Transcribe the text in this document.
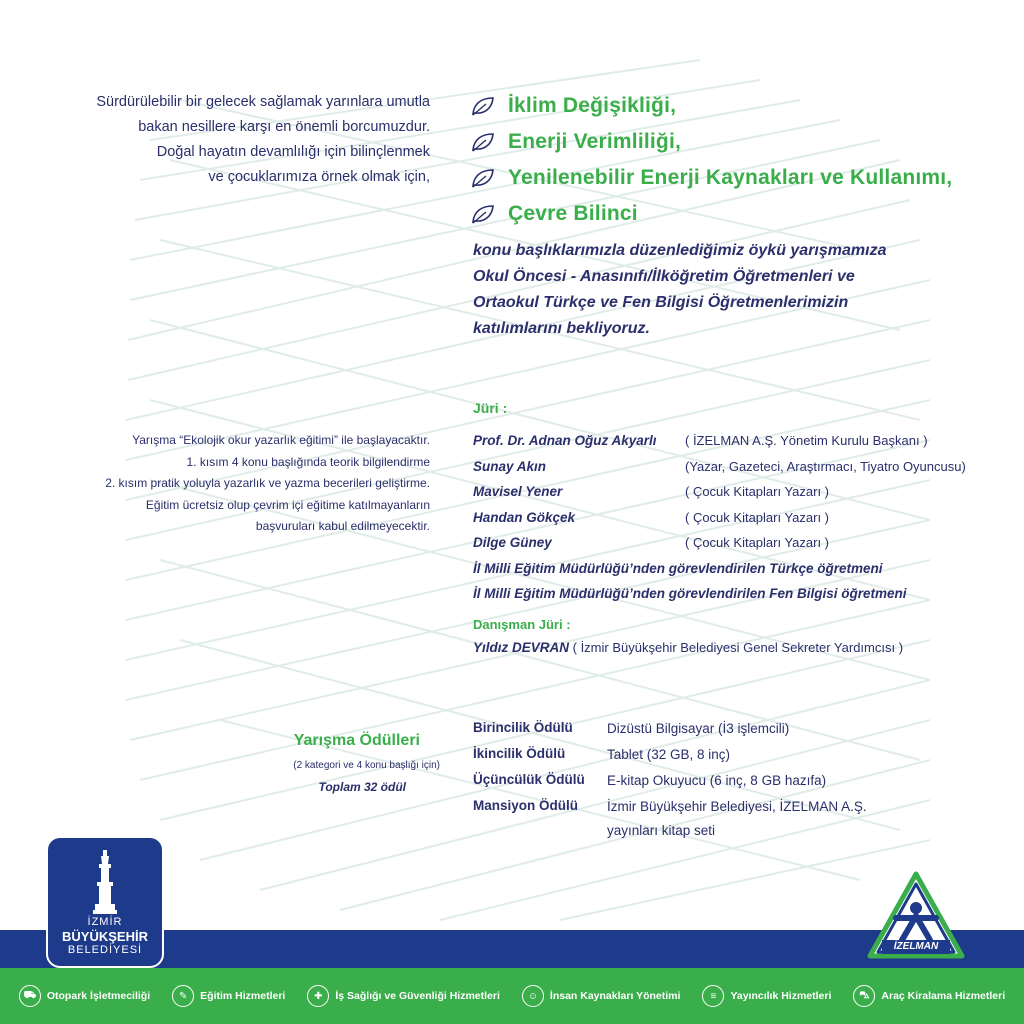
Sürdürülebilir bir gelecek sağlamak yarınlara umutla
bakan nesillere karşı en önemli borcumuzdur.
Doğal hayatın devamlılığı için bilinçlenmek
ve çocuklarımıza örnek olmak için,
İklim Değişikliği,
Enerji Verimliliği,
Yenilenebilir Enerji Kaynakları ve Kullanımı,
Çevre Bilinci
konu başlıklarımızla düzenlediğimiz öykü yarışmamıza
Okul Öncesi - Anasınıfı/İlköğretim Öğretmenleri ve
Ortaokul Türkçe ve Fen Bilgisi Öğretmenlerimizin
katılımlarını bekliyoruz.
Yarışma “Ekolojik okur yazarlık eğitimi” ile başlayacaktır.
1. kısım 4 konu başlığında teorik bilgilendirme
2. kısım pratik yoluyla yazarlık ve yazma becerileri geliştirme.
Eğitim ücretsiz olup çevrim içi eğitime katılmayanların
başvuruları kabul edilmeyecektir.
Jüri :
Prof. Dr. Adnan Oğuz Akyarlı	( İZELMAN A.Ş. Yönetim Kurulu Başkanı )
Sunay Akın	(Yazar, Gazeteci, Araştırmacı, Tiyatro Oyuncusu)
Mavisel Yener	( Çocuk Kitapları Yazarı )
Handan Gökçek	( Çocuk Kitapları Yazarı )
Dilge Güney	( Çocuk Kitapları Yazarı )
İl Milli Eğitim Müdürlüğü’nden görevlendirilen Türkçe öğretmeni
İl Milli Eğitim Müdürlüğü’nden görevlendirilen Fen Bilgisi öğretmeni
Danışman Jüri :
Yıldız DEVRAN ( İzmir Büyükşehir Belediyesi Genel Sekreter Yardımcısı )
Yarışma Ödülleri
(2 kategori ve 4 konu başlığı için)
Toplam 32 ödül
Birincilik Ödülü	Dizüstü Bilgisayar (İ3 işlemcili)
İkincilik Ödülü	Tablet (32 GB, 8 inç)
Üçüncülük Ödülü	E-kitap Okuyucu (6 inç, 8 GB hazıfa)
Mansiyon Ödülü	İzmir Büyükşehir Belediyesi, İZELMAN A.Ş. yayınları kitap seti
İZMİR
BÜYÜKŞEHİR
BELEDİYESİ	İZELMAN
⛟	Otopark İşletmeciliği	✎	Eğitim Hizmetleri	✚	İş Sağlığı ve Güvenliği Hizmetleri	☺	İnsan Kaynakları Yönetimi	≡	Yayıncılık Hizmetleri	⛍	Araç Kiralama Hizmetleri
